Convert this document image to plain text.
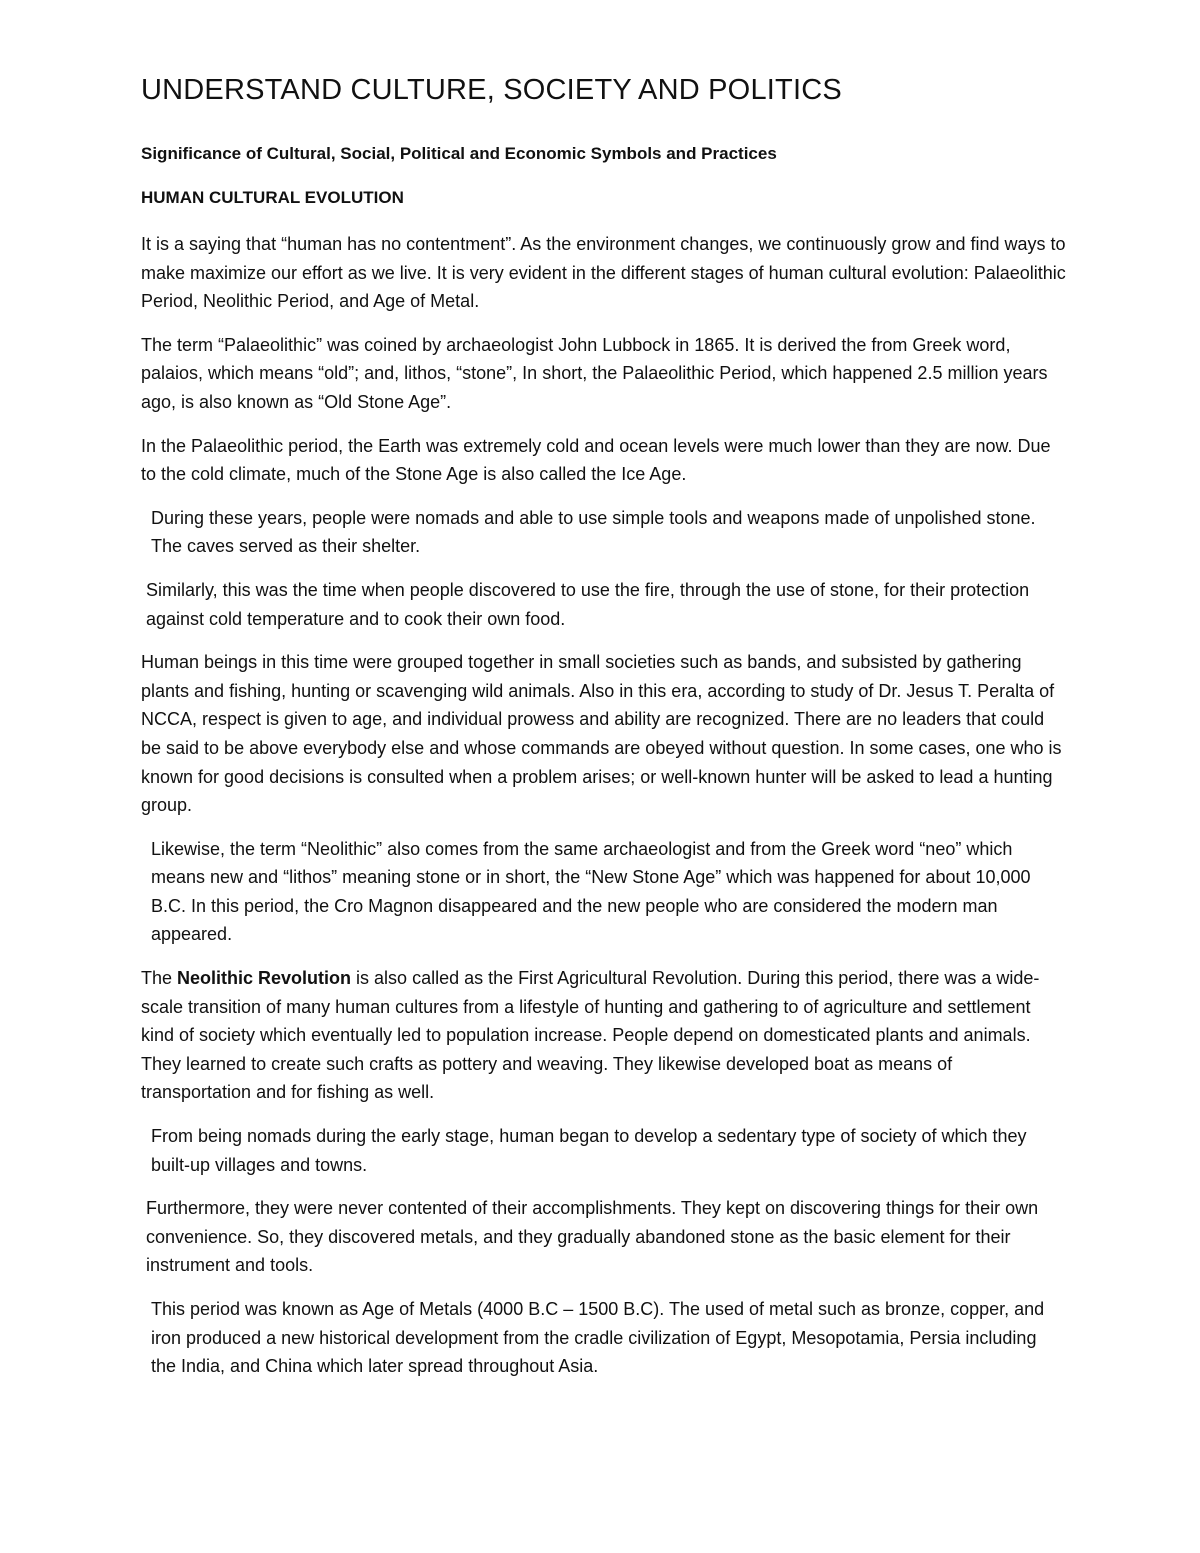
UNDERSTAND CULTURE, SOCIETY AND POLITICS
Significance of Cultural, Social, Political and Economic Symbols and Practices
HUMAN CULTURAL EVOLUTION

It is a saying that “human has no contentment”. As the environment changes, we continuously grow and find ways to make maximize our effort as we live. It is very evident in the different stages of human cultural evolution: Palaeolithic Period, Neolithic Period, and Age of Metal.

The term “Palaeolithic” was coined by archaeologist John Lubbock in 1865. It is derived the from Greek word, palaios, which means “old”; and, lithos, “stone”, In short, the Palaeolithic Period, which happened 2.5 million years ago, is also known as “Old Stone Age”.

In the Palaeolithic period, the Earth was extremely cold and ocean levels were much lower than they are now. Due to the cold climate, much of the Stone Age is also called the Ice Age.

During these years, people were nomads and able to use simple tools and weapons made of unpolished stone. The caves served as their shelter.

Similarly, this was the time when people discovered to use the fire, through the use of stone, for their protection against cold temperature and to cook their own food.

Human beings in this time were grouped together in small societies such as bands, and subsisted by gathering plants and fishing, hunting or scavenging wild animals. Also in this era, according to study of Dr. Jesus T. Peralta of NCCA, respect is given to age, and individual prowess and ability are recognized. There are no leaders that could be said to be above everybody else and whose commands are obeyed without question. In some cases, one who is known for good decisions is consulted when a problem arises; or well-known hunter will be asked to lead a hunting group.

Likewise, the term “Neolithic” also comes from the same archaeologist and from the Greek word “neo” which means new and “lithos” meaning stone or in short, the “New Stone Age” which was happened for about 10,000 B.C. In this period, the Cro Magnon disappeared and the new people who are considered the modern man appeared.

The Neolithic Revolution is also called as the First Agricultural Revolution. During this period, there was a wide-scale transition of many human cultures from a lifestyle of hunting and gathering to of agriculture and settlement kind of society which eventually led to population increase. People depend on domesticated plants and animals. They learned to create such crafts as pottery and weaving. They likewise developed boat as means of transportation and for fishing as well.

From being nomads during the early stage, human began to develop a sedentary type of society of which they built-up villages and towns.

Furthermore, they were never contented of their accomplishments. They kept on discovering things for their own convenience. So, they discovered metals, and they gradually abandoned stone as the basic element for their instrument and tools.

This period was known as Age of Metals (4000 B.C – 1500 B.C). The used of metal such as bronze, copper, and iron produced a new historical development from the cradle civilization of Egypt, Mesopotamia, Persia including the India, and China which later spread throughout Asia.
